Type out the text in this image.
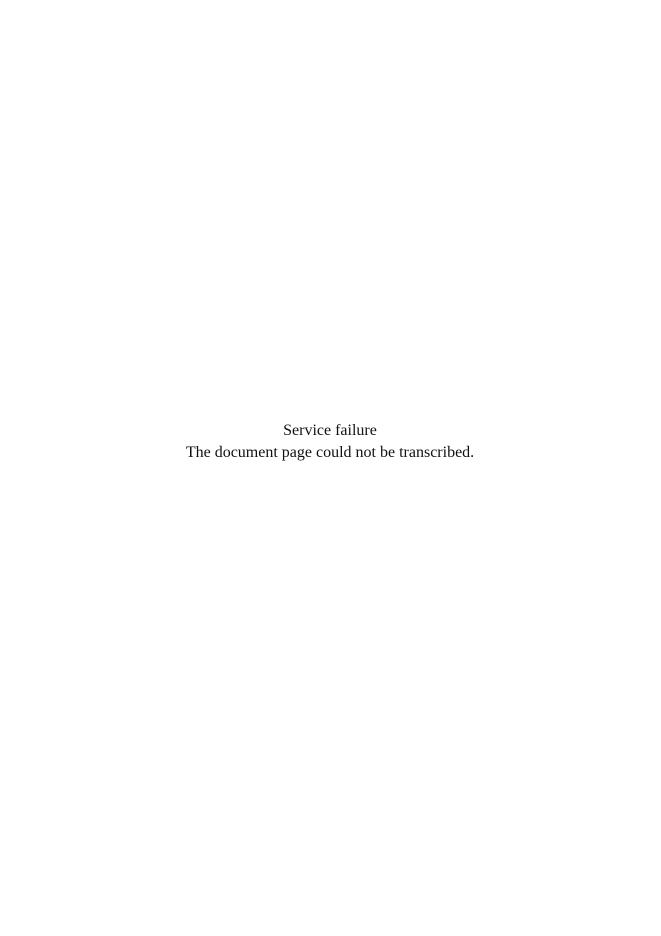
Service failure
The document page could not be transcribed.
